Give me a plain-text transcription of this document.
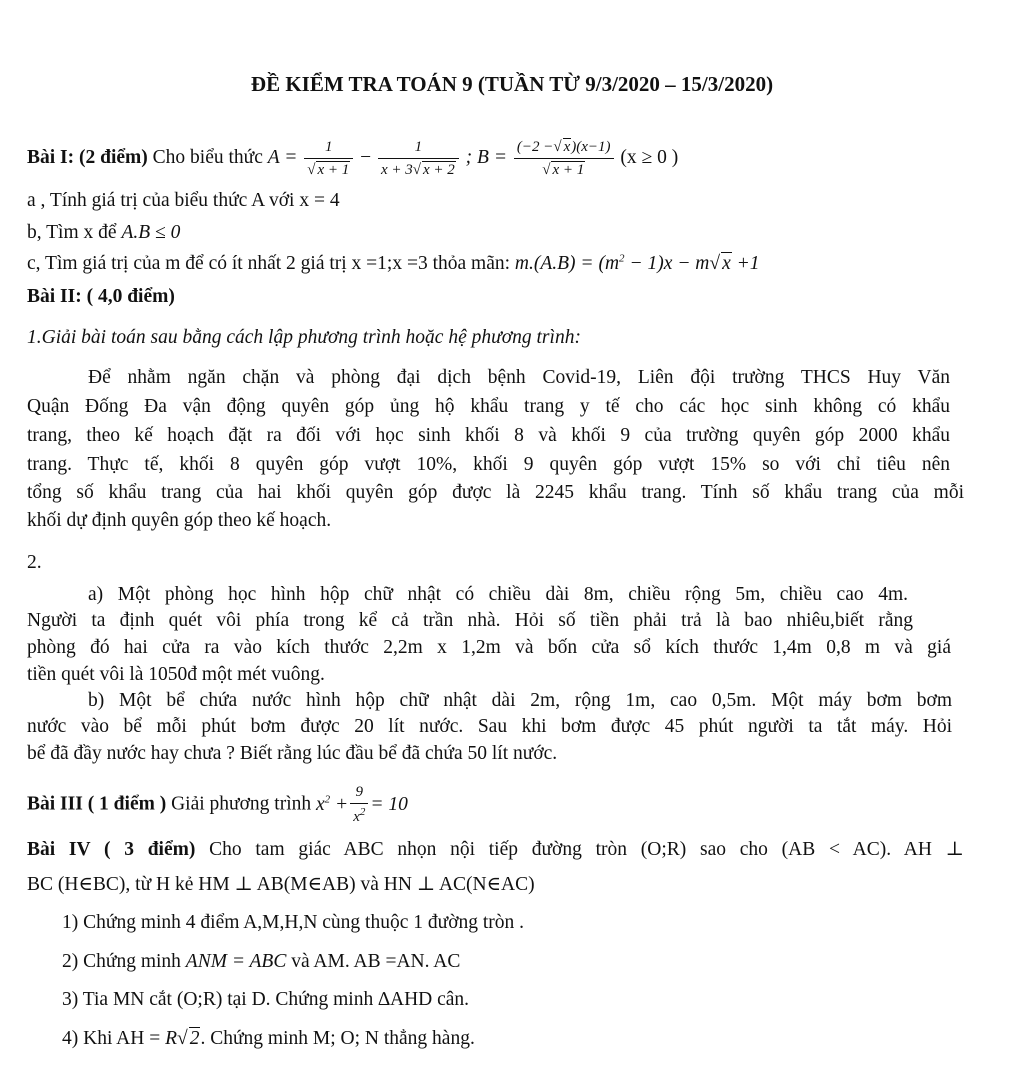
ĐỀ KIỂM TRA TOÁN 9 (TUẦN TỪ 9/3/2020 – 15/3/2020)
Bài I: (2 điểm) Cho biểu thức $A = \frac{1}{√ x + 1} - \frac{1}{x + 3√ x + 2}$ ; $B = \frac{(-2 -√ x)(x-1)}{√ x + 1} (x \ge 0$ )
a , Tính giá trị của biểu thức A với x = 4
b, Tìm x để A.B ≤ 0
c, Tìm giá trị của m để có ít nhất 2 giá trị x =1;x =3 thỏa mãn: $m.(A.B) = (m^2 - 1)x - m√$ x +1
Bài II: ( 4,0 điểm)
1.Giải bài toán sau bằng cách lập phương trình hoặc hệ phương trình:
Để nhằm ngăn chặn và phòng đại dịch bệnh Covid-19, Liên đội trường THCS Huy Văn
Quận Đống Đa vận động quyên góp ủng hộ khẩu trang y tế cho các học sinh không có khẩu
trang, theo kế hoạch đặt ra đối với học sinh khối 8 và khối 9 của trường quyên góp 2000 khẩu
trang. Thực tế, khối 8 quyên góp vượt 10%, khối 9 quyên góp vượt 15% so với chỉ tiêu nên
tổng số khẩu trang của hai khối quyên góp được là 2245 khẩu trang. Tính số khẩu trang của mỗi
khối dự định quyên góp theo kế hoạch.
2.
a) Một phòng học hình hộp chữ nhật có chiều dài 8m, chiều rộng 5m, chiều cao 4m.
Người ta định quét vôi phía trong kể cả trần nhà. Hỏi số tiền phải trả là bao nhiêu,biết rằng
phòng đó hai cửa ra vào kích thước 2,2m x 1,2m và bốn cửa sổ kích thước 1,4m 0,8 m và giá
tiền quét vôi là 1050đ một mét vuông.
b) Một bể chứa nước hình hộp chữ nhật dài 2m, rộng 1m, cao 0,5m. Một máy bơm bơm
nước vào bể mỗi phút bơm được 20 lít nước. Sau khi bơm được 45 phút người ta tắt máy. Hỏi
bể đã đầy nước hay chưa ? Biết rằng lúc đầu bể đã chứa 50 lít nước.
Bài III ( 1 điểm ) Giải phương trình $x^2 + \frac{9}{x^2} = 10$
Bài IV ( 3 điểm) Cho tam giác ABC nhọn nội tiếp đường tròn (O;R) sao cho (AB < AC). AH ⊥
BC (H∈BC), từ H kẻ HM ⊥ AB(M∈AB) và HN ⊥ AC(N∈AC)
1) Chứng minh 4 điểm A,M,H,N cùng thuộc 1 đường tròn .
2) Chứng minh ANM = ABC và AM. AB =AN. AC
3) Tia MN cắt (O;R) tại D. Chứng minh ∆AHD cân.
4) Khi AH = R√ 2. Chứng minh M; O; N thẳng hàng.
